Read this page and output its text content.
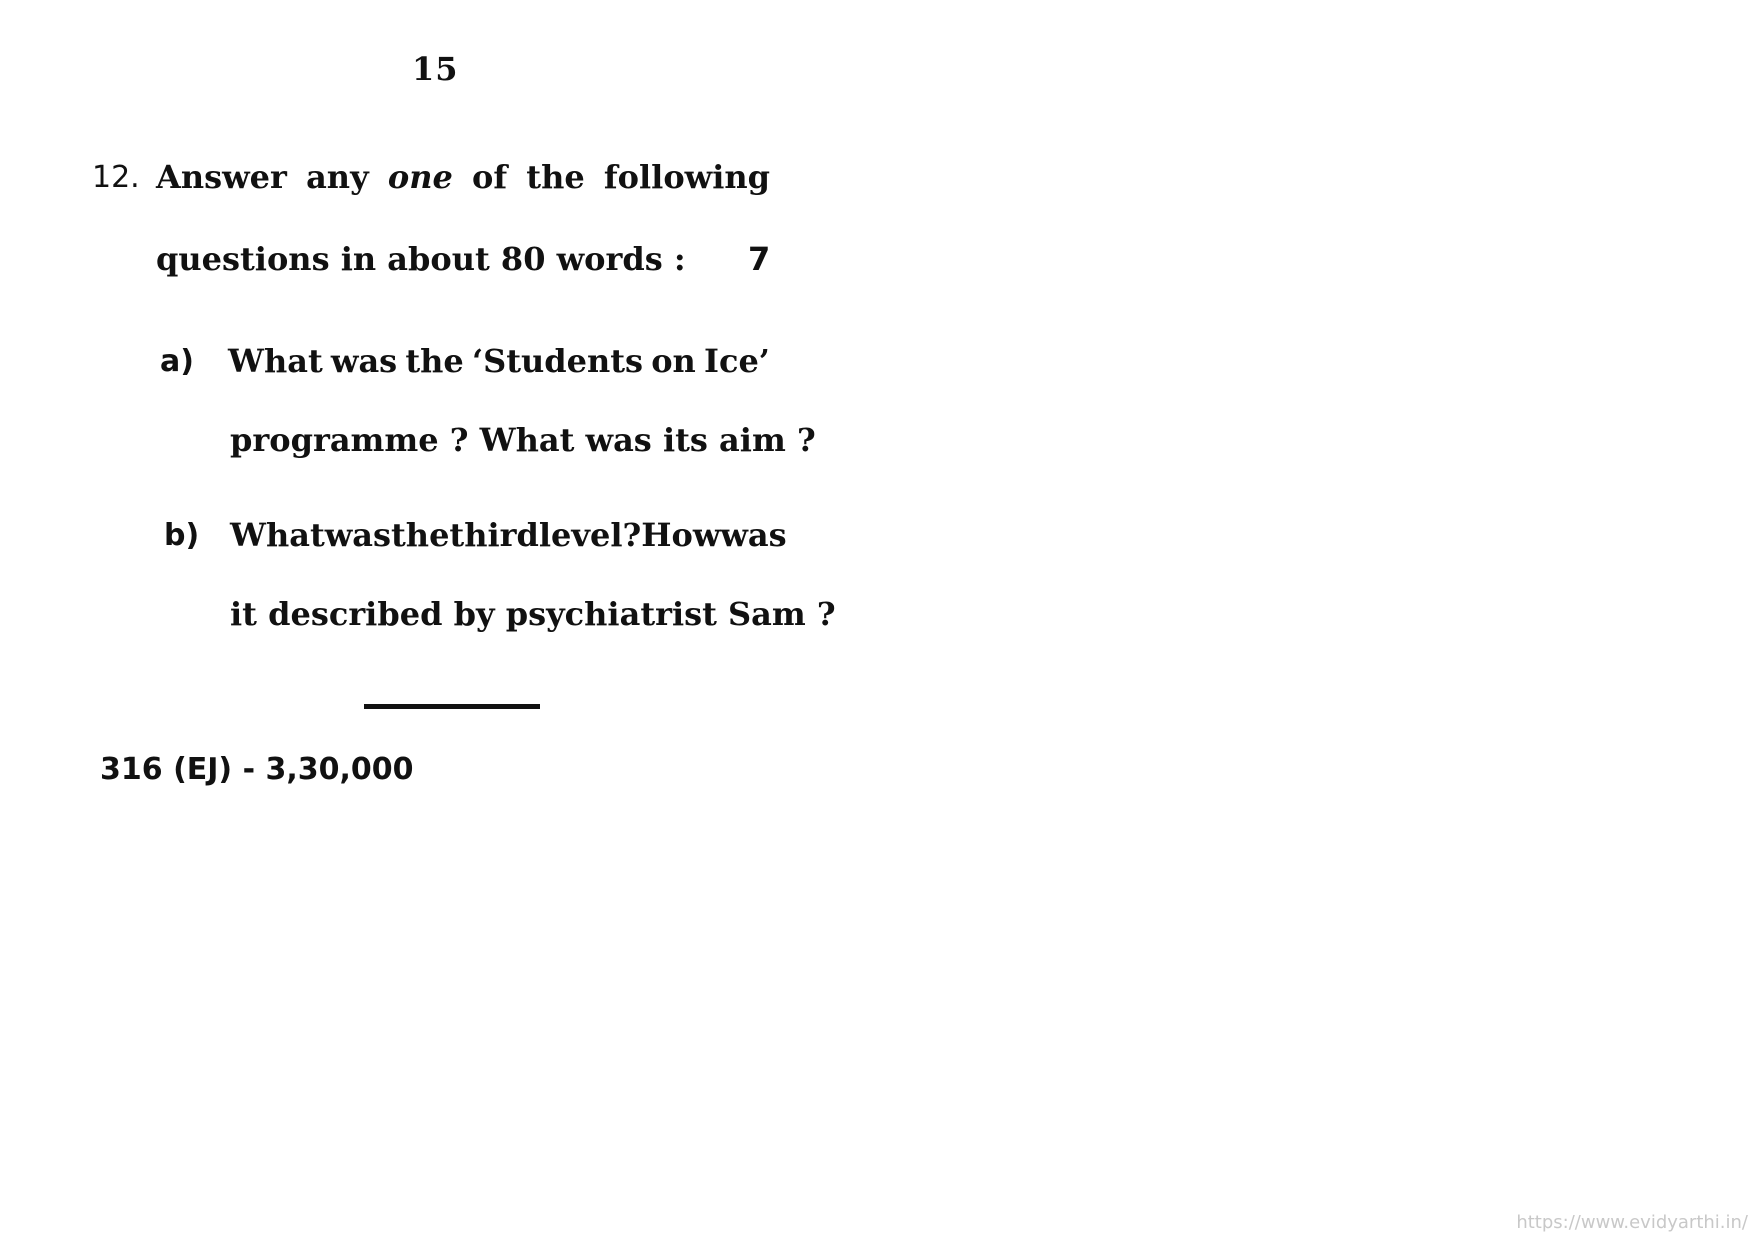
15
12. Answer any one of the following
questions in about 80 words : 7
a) What was the ‘Students on Ice’
programme ? What was its aim ?
b) What was the third level ? How was
it described by psychiatrist Sam ?
316 (EJ) - 3,30,000
https://www.evidyarthi.in/
